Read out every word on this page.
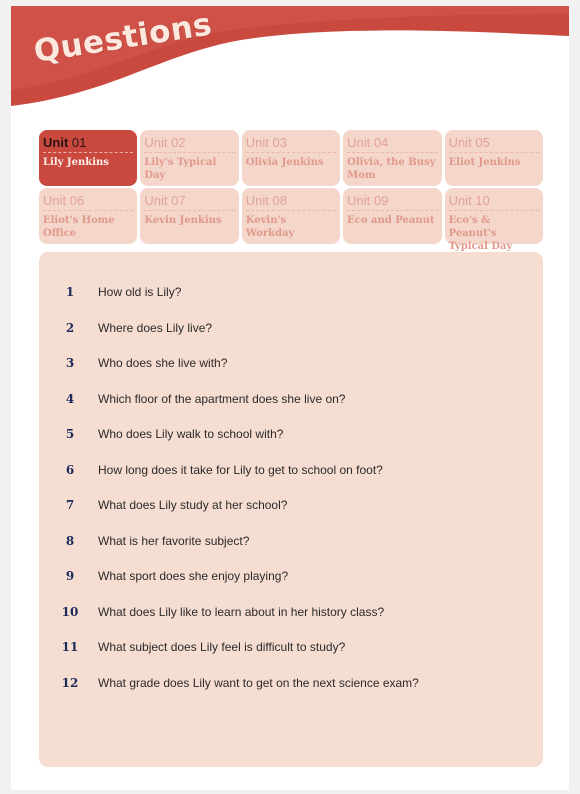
Questions
Unit 01
Lily Jenkins
Unit 02
Lily's Typical Day
Unit 03
Olivia Jenkins
Unit 04
Olivia, the Busy Mom
Unit 05
Eliot Jenkins
Unit 06
Eliot's Home Office
Unit 07
Kevin Jenkins
Unit 08
Kevin's Workday
Unit 09
Eco and Peanut
Unit 10
Eco's & Peanut's Typical Day
1	How old is Lily?
2	Where does Lily live?
3	Who does she live with?
4	Which floor of the apartment does she live on?
5	Who does Lily walk to school with?
6	How long does it take for Lily to get to school on foot?
7	What does Lily study at her school?
8	What is her favorite subject?
9	What sport does she enjoy playing?
10	What does Lily like to learn about in her history class?
11	What subject does Lily feel is difficult to study?
12	What grade does Lily want to get on the next science exam?
